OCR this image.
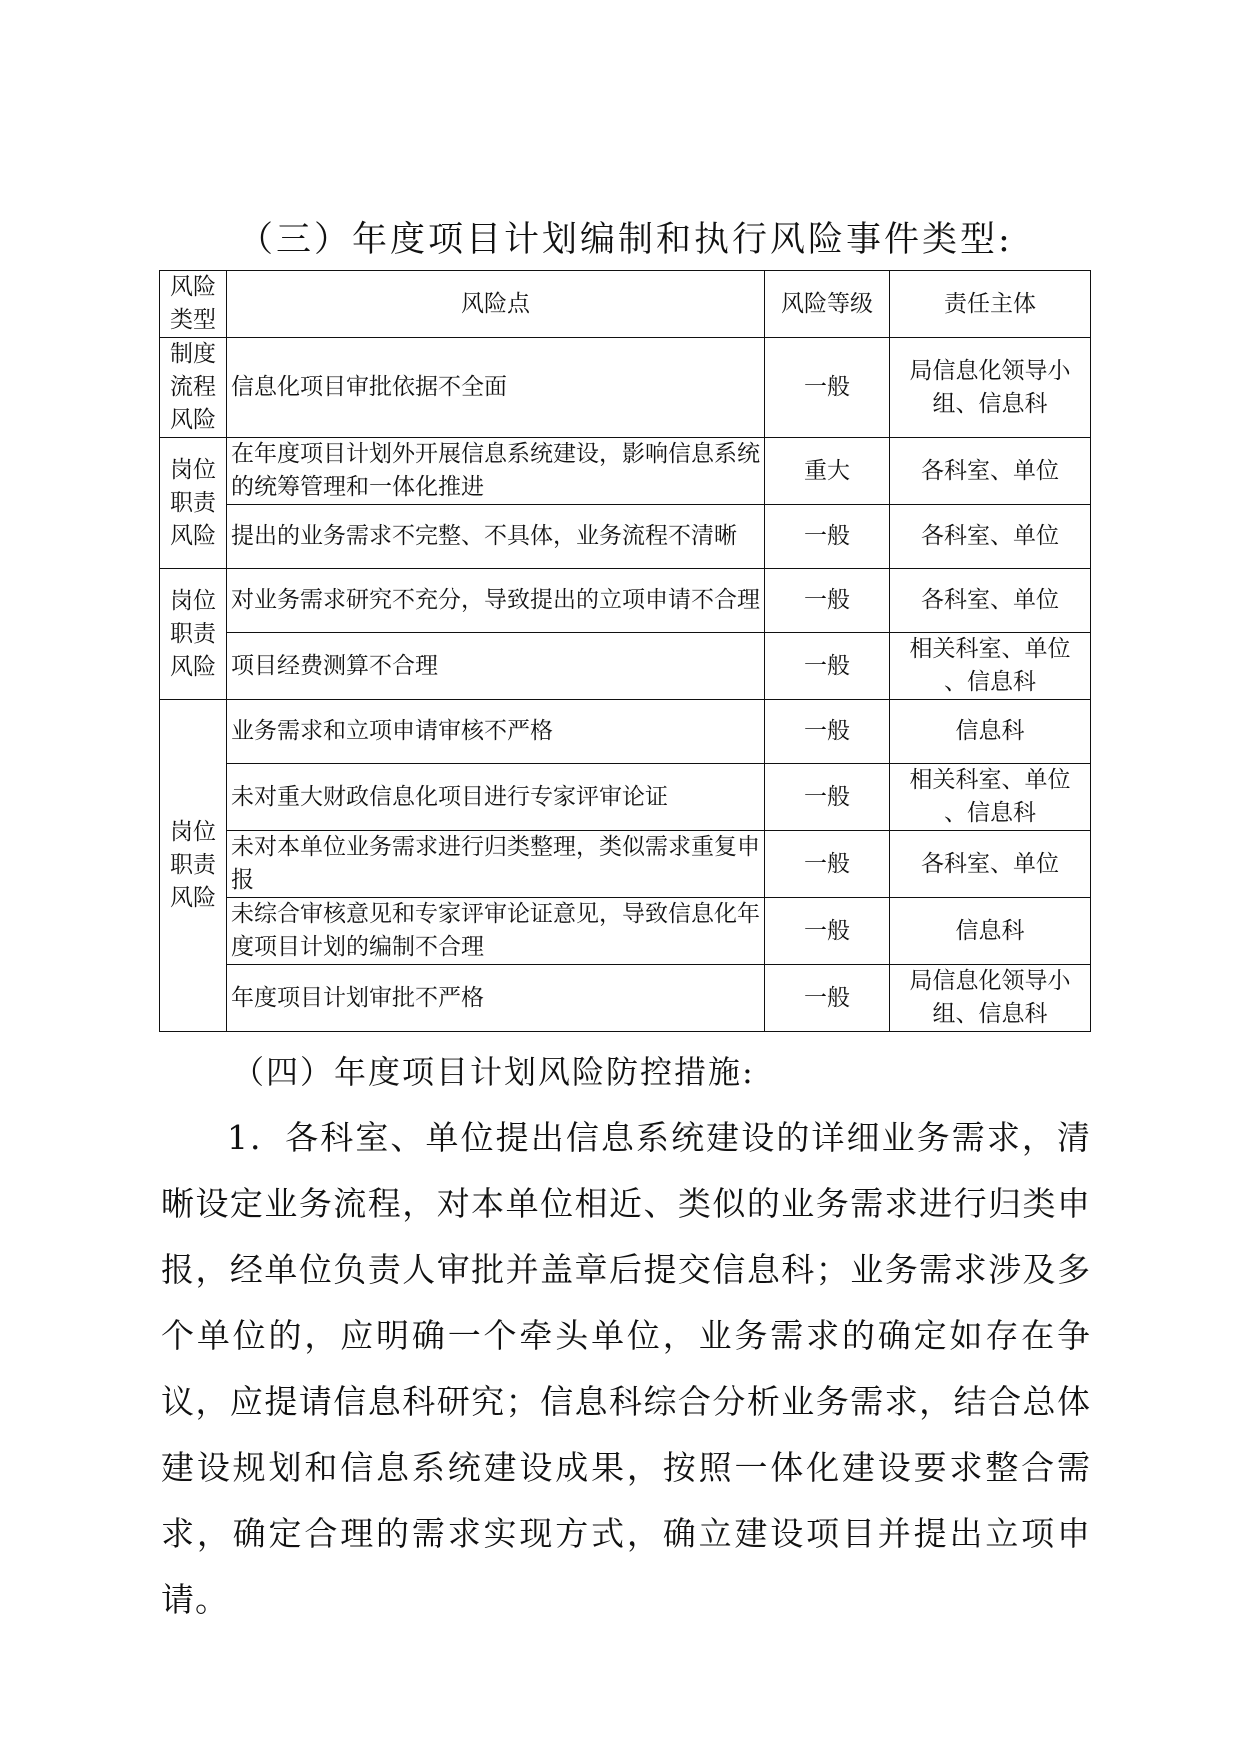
（三）年度项目计划编制和执行风险事件类型:
风险
类型	风险点	风险等级	责任主体

制度
流程
风险	信息化项目审批依据不全面	一般	局信息化领导小
组、信息科

岗位
职责
风险	在年度项目计划外开展信息系统建设，影响信息系统的统筹管理和一体化推进	重大	各科室、单位

	提出的业务需求不完整、不具体，业务流程不清晰	一般	各科室、单位

岗位
职责
风险	对业务需求研究不充分，导致提出的立项申请不合理	一般	各科室、单位

	项目经费测算不合理	一般	相关科室、单位
、信息科

岗位
职责
风险	业务需求和立项申请审核不严格	一般	信息科

	未对重大财政信息化项目进行专家评审论证	一般	相关科室、单位
、信息科

	未对本单位业务需求进行归类整理，类似需求重复申报	一般	各科室、单位

	未综合审核意见和专家评审论证意见，导致信息化年度项目计划的编制不合理	一般	信息科

	年度项目计划审批不严格	一般	局信息化领导小
组、信息科
（四）年度项目计划风险防控措施:

1．各科室、单位提出信息系统建设的详细业务需求，清晰设定业务流程，对本单位相近、类似的业务需求进行归类申报，经单位负责人审批并盖章后提交信息科；业务需求涉及多个单位的，应明确一个牵头单位，业务需求的确定如存在争议，应提请信息科研究；信息科综合分析业务需求，结合总体建设规划和信息系统建设成果，按照一体化建设要求整合需求，确定合理的需求实现方式，确立建设项目并提出立项申请。
